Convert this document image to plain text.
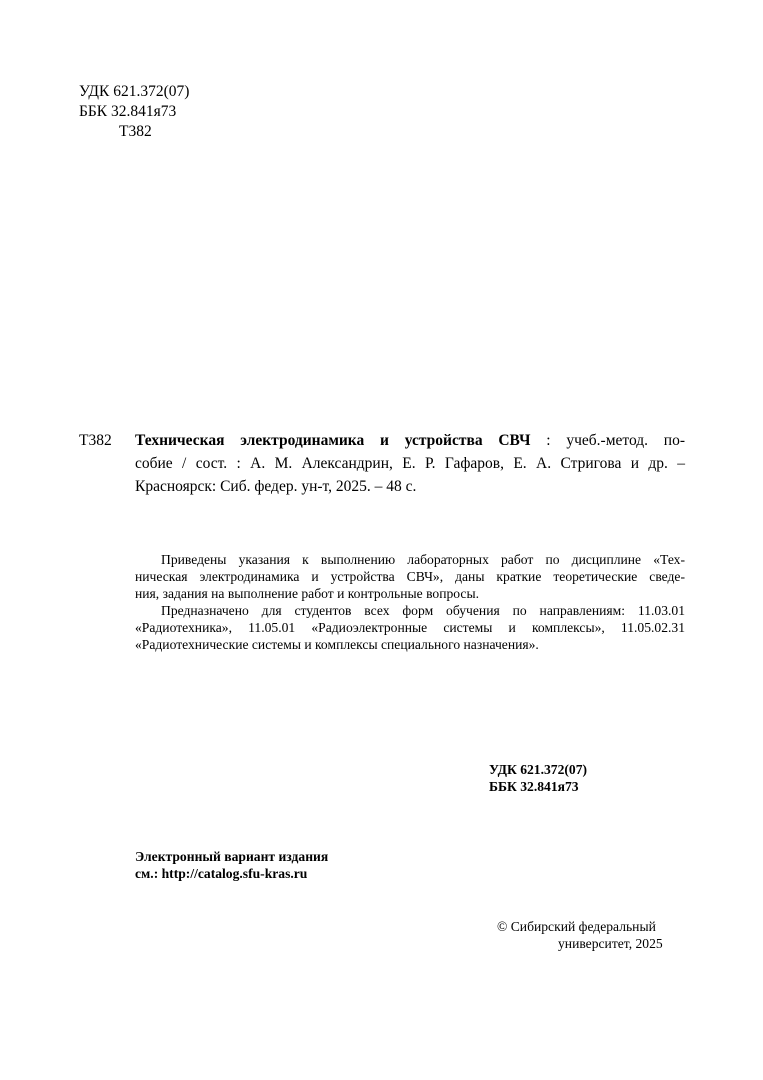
УДК 621.372(07)
ББК 32.841я73
Т382
Т382 Техническая электродинамика и устройства СВЧ : учеб.-метод. по-
собие / сост. : А. М. Александрин, Е. Р. Гафаров, Е. А. Стригова и др. –
Красноярск: Сиб. федер. ун-т, 2025. – 48 с.
Приведены указания к выполнению лабораторных работ по дисциплине «Тех-
ническая электродинамика и устройства СВЧ», даны краткие теоретические сведе-
ния, задания на выполнение работ и контрольные вопросы.
Предназначено для студентов всех форм обучения по направлениям: 11.03.01
«Радиотехника», 11.05.01 «Радиоэлектронные системы и комплексы», 11.05.02.31
«Радиотехнические системы и комплексы специального назначения».
УДК 621.372(07)
ББК 32.841я73
Электронный вариант издания
см.: http://catalog.sfu-kras.ru
© Сибирский федеральный
университет, 2025
